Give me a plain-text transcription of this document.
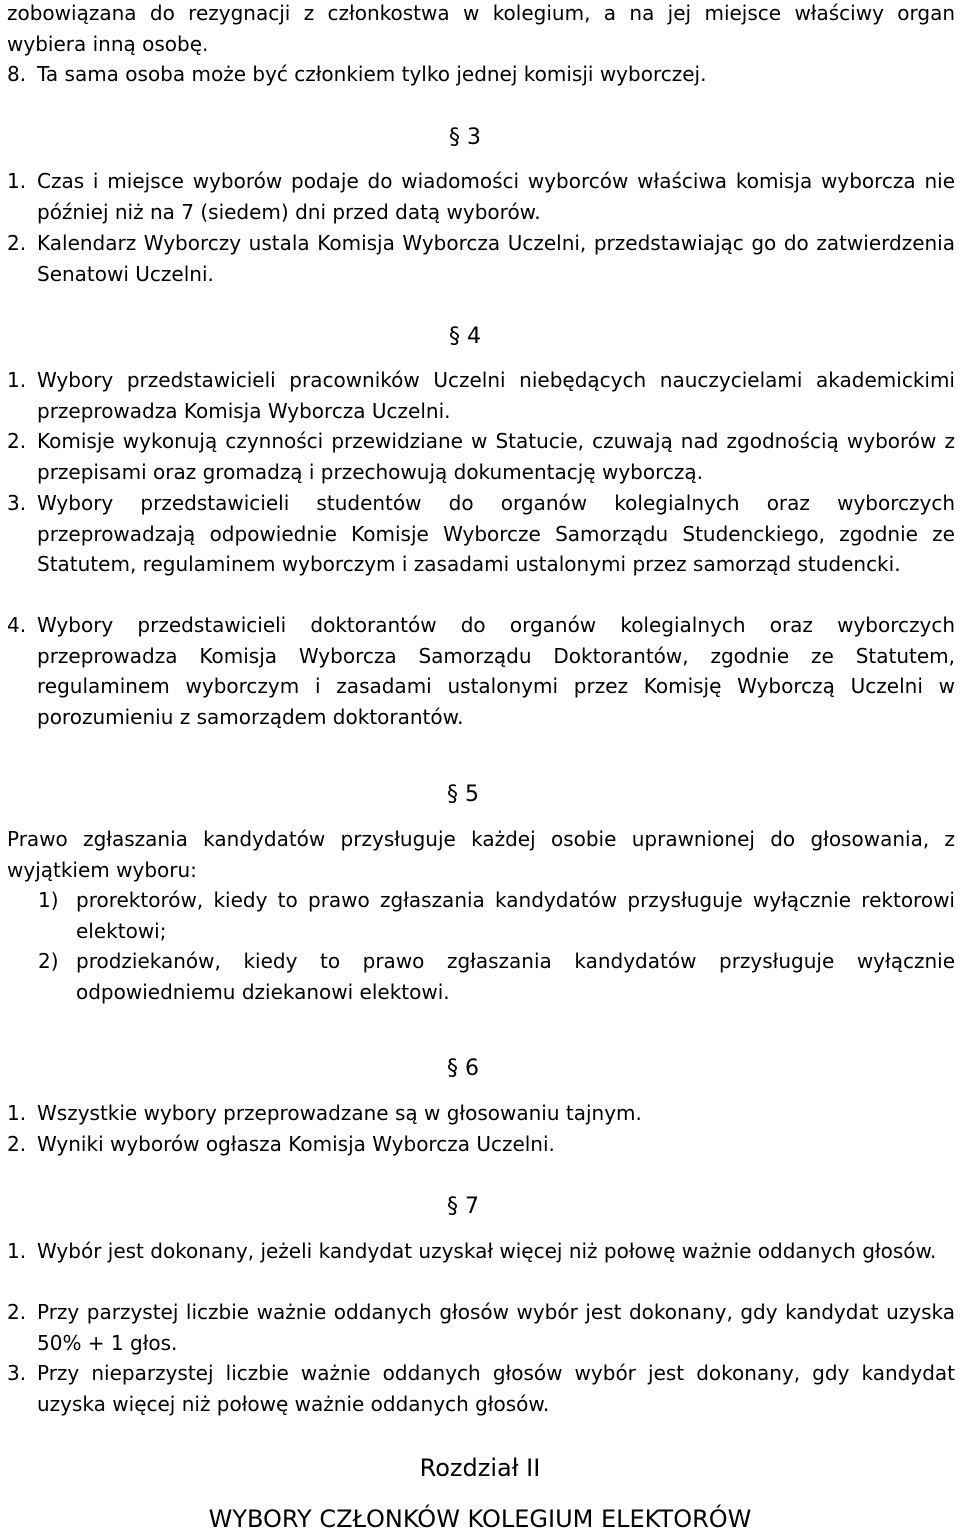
zobowiązana do rezygnacji z członkostwa w kolegium, a na jej miejsce właściwy organ wybiera inną osobę.
8. Ta sama osoba może być członkiem tylko jednej komisji wyborczej.
§ 3
1. Czas i miejsce wyborów podaje do wiadomości wyborców właściwa komisja wyborcza nie później niż na 7 (siedem) dni przed datą wyborów.
2. Kalendarz Wyborczy ustala Komisja Wyborcza Uczelni, przedstawiając go do zatwierdzenia Senatowi Uczelni.
§ 4
1. Wybory przedstawicieli pracowników Uczelni niebędących nauczycielami akademickimi przeprowadza Komisja Wyborcza Uczelni.
2. Komisje wykonują czynności przewidziane w Statucie, czuwają nad zgodnością wyborów z przepisami oraz gromadzą i przechowują dokumentację wyborczą.
3. Wybory przedstawicieli studentów do organów kolegialnych oraz wyborczych przeprowadzają odpowiednie Komisje Wyborcze Samorządu Studenckiego, zgodnie ze Statutem, regulaminem wyborczym i zasadami ustalonymi przez samorząd studencki.
4. Wybory przedstawicieli doktorantów do organów kolegialnych oraz wyborczych przeprowadza Komisja Wyborcza Samorządu Doktorantów, zgodnie ze Statutem, regulaminem wyborczym i zasadami ustalonymi przez Komisję Wyborczą Uczelni w porozumieniu z samorządem doktorantów.
§ 5
Prawo zgłaszania kandydatów przysługuje każdej osobie uprawnionej do głosowania, z wyjątkiem wyboru:
1) prorektorów, kiedy to prawo zgłaszania kandydatów przysługuje wyłącznie rektorowi elektowi;
2) prodziekanów, kiedy to prawo zgłaszania kandydatów przysługuje wyłącznie odpowiedniemu dziekanowi elektowi.
§ 6
1. Wszystkie wybory przeprowadzane są w głosowaniu tajnym.
2. Wyniki wyborów ogłasza Komisja Wyborcza Uczelni.
§ 7
1. Wybór jest dokonany, jeżeli kandydat uzyskał więcej niż połowę ważnie oddanych głosów.
2. Przy parzystej liczbie ważnie oddanych głosów wybór jest dokonany, gdy kandydat uzyska 50% + 1 głos.
3. Przy nieparzystej liczbie ważnie oddanych głosów wybór jest dokonany, gdy kandydat uzyska więcej niż połowę ważnie oddanych głosów.
Rozdział II
WYBORY CZŁONKÓW KOLEGIUM ELEKTORÓW
